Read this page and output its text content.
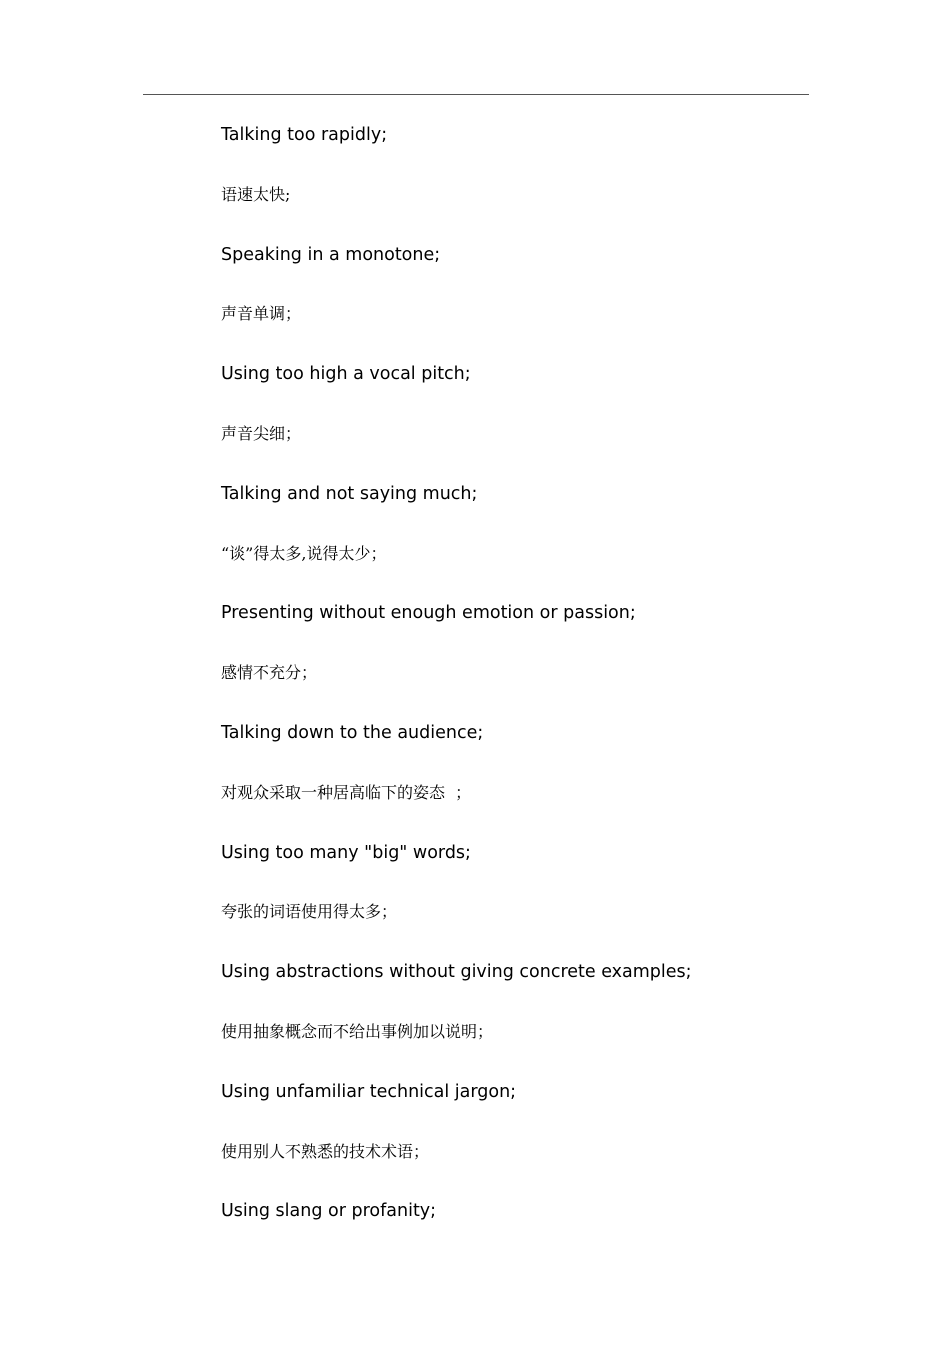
Talking too rapidly;
语速太快;
Speaking in a monotone;
声音单调；
Using too high a vocal pitch;
声音尖细；
Talking and not saying much;
“谈”得太多,说得太少；
Presenting without enough emotion or passion;
感情不充分；
Talking down to the audience;
对观众采取一种居高临下的姿态  ；
Using too many "big" words;
夸张的词语使用得太多；
Using abstractions without giving concrete examples;
使用抽象概念而不给出事例加以说明；
Using unfamiliar technical jargon;
使用别人不熟悉的技术术语；
Using slang or profanity;
